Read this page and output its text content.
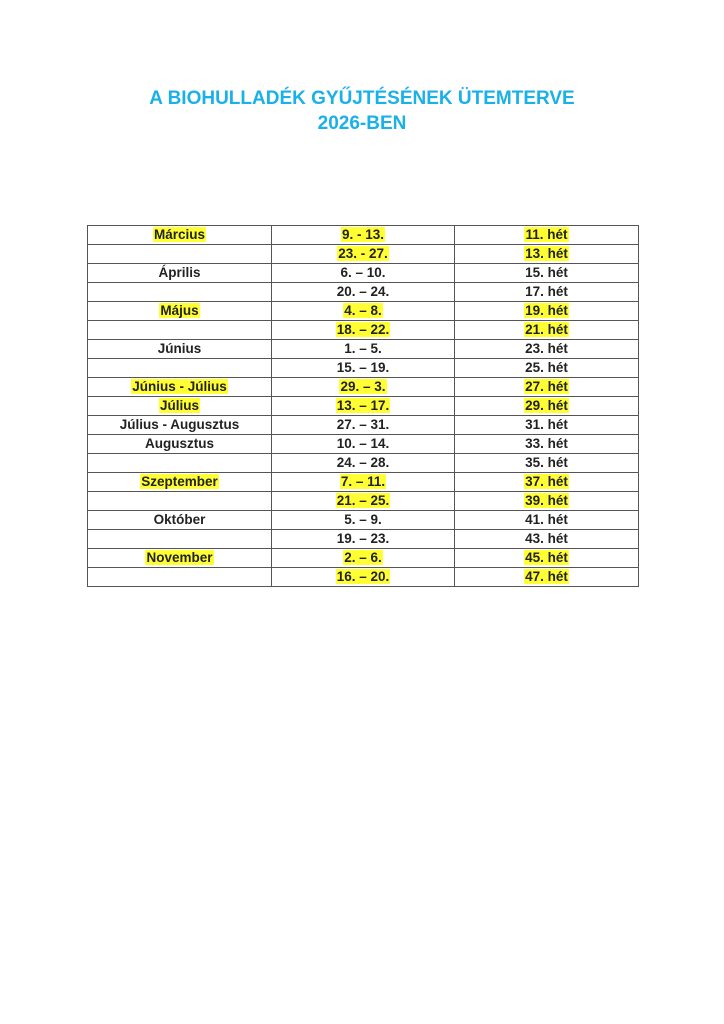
A BIOHULLADÉK GYŰJTÉSÉNEK ÜTEMTERVE
2026-BEN
Március	9. - 13.	11. hét
	23. - 27.	13. hét
Április	6. – 10.	15. hét
	20. – 24.	17. hét
Május	4. – 8.	19. hét
	18. – 22.	21. hét
Június	1. – 5.	23. hét
	15. – 19.	25. hét
Június - Július	29. – 3.	27. hét
Július	13. – 17.	29. hét
Július - Augusztus	27. – 31.	31. hét
Augusztus	10. – 14.	33. hét
	24. – 28.	35. hét
Szeptember	7. – 11.	37. hét
	21. – 25.	39. hét
Október	5. – 9.	41. hét
	19. – 23.	43. hét
November	2. – 6.	45. hét
	16. – 20.	47. hét
